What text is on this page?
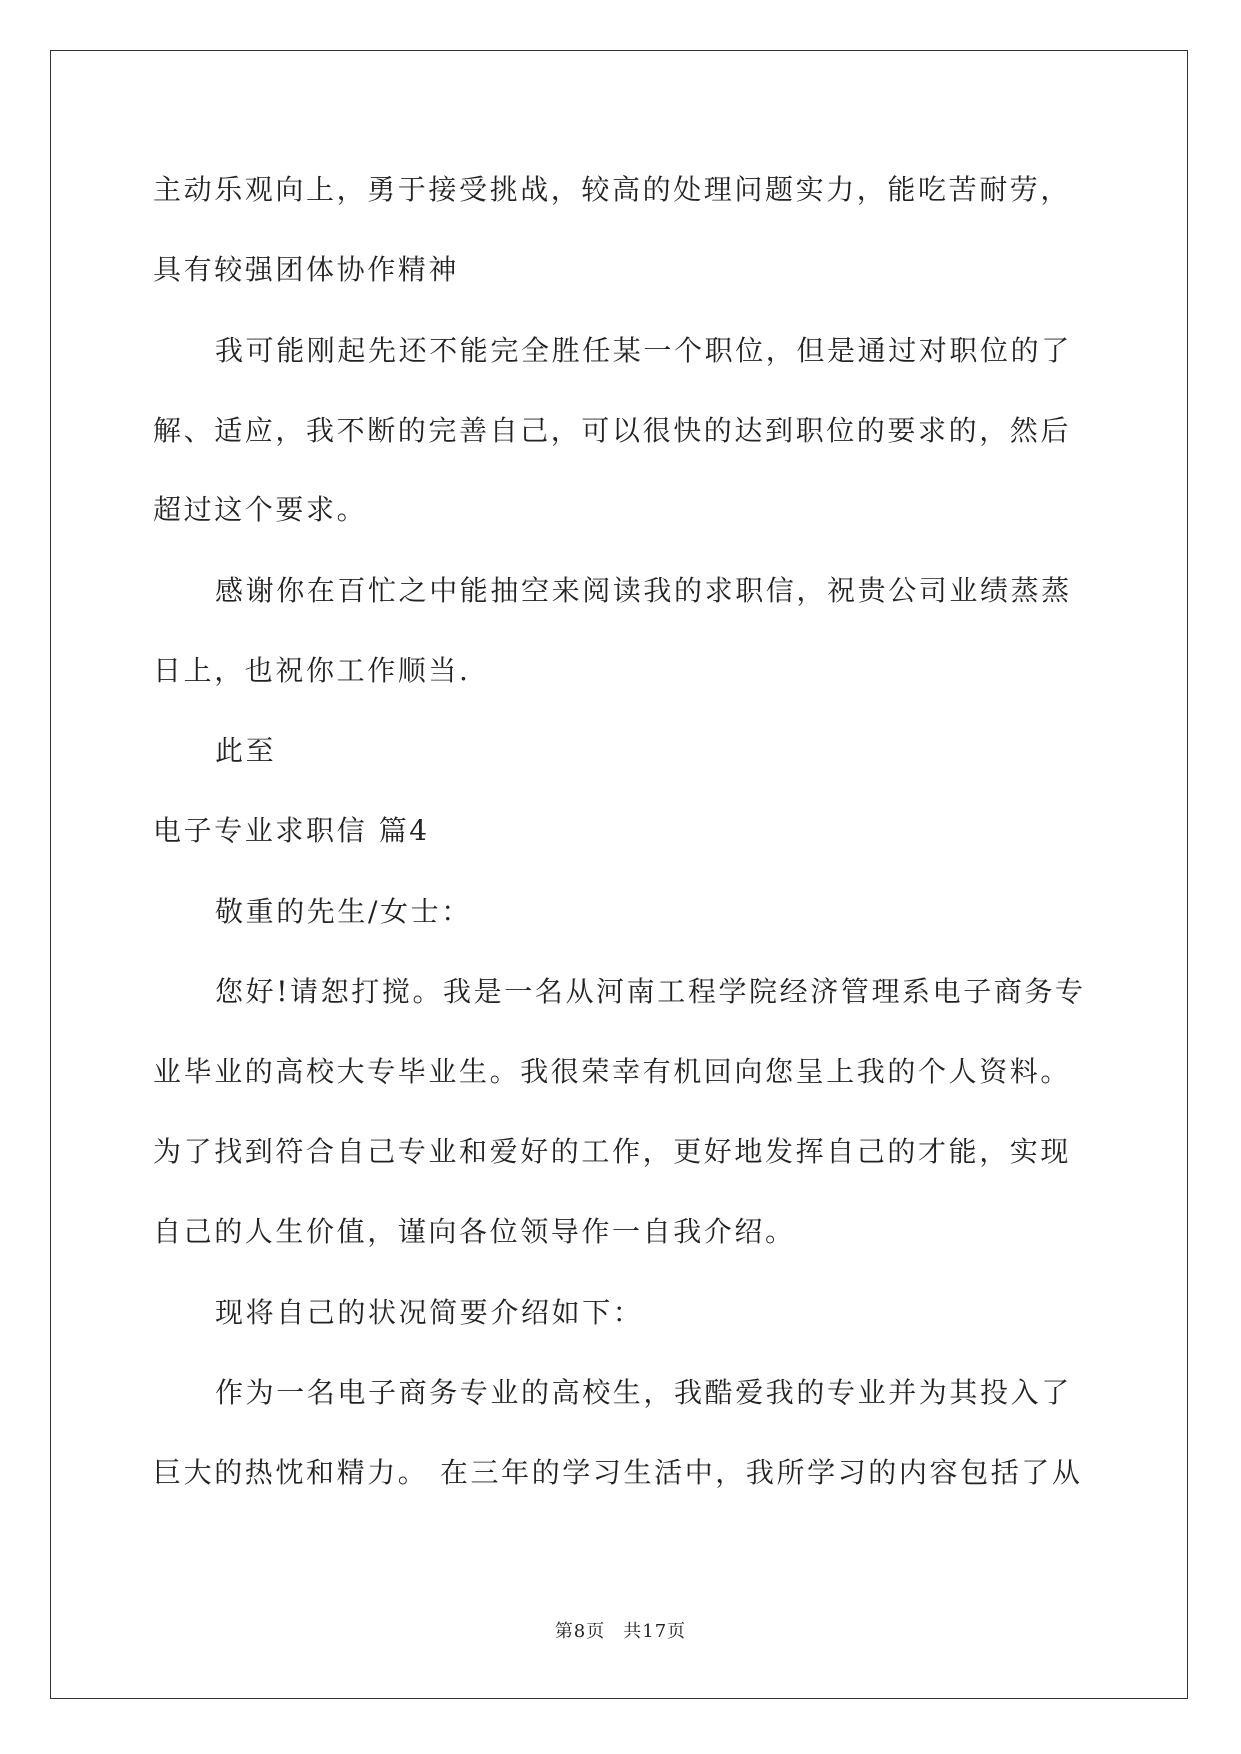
主动乐观向上，勇于接受挑战，较高的处理问题实力，能吃苦耐劳，
具有较强团体协作精神
我可能刚起先还不能完全胜任某一个职位，但是通过对职位的了
解、适应，我不断的完善自己，可以很快的达到职位的要求的，然后
超过这个要求。
感谢你在百忙之中能抽空来阅读我的求职信，祝贵公司业绩蒸蒸
日上，也祝你工作顺当.
此至
电子专业求职信 篇4
敬重的先生/女士：
您好!请恕打搅。我是一名从河南工程学院经济管理系电子商务专
业毕业的高校大专毕业生。我很荣幸有机回向您呈上我的个人资料。
为了找到符合自己专业和爱好的工作，更好地发挥自己的才能，实现
自己的人生价值，谨向各位领导作一自我介绍。
现将自己的状况简要介绍如下：
作为一名电子商务专业的高校生，我酷爱我的专业并为其投入了
巨大的热忱和精力。 在三年的学习生活中，我所学习的内容包括了从
第8页 共17页
